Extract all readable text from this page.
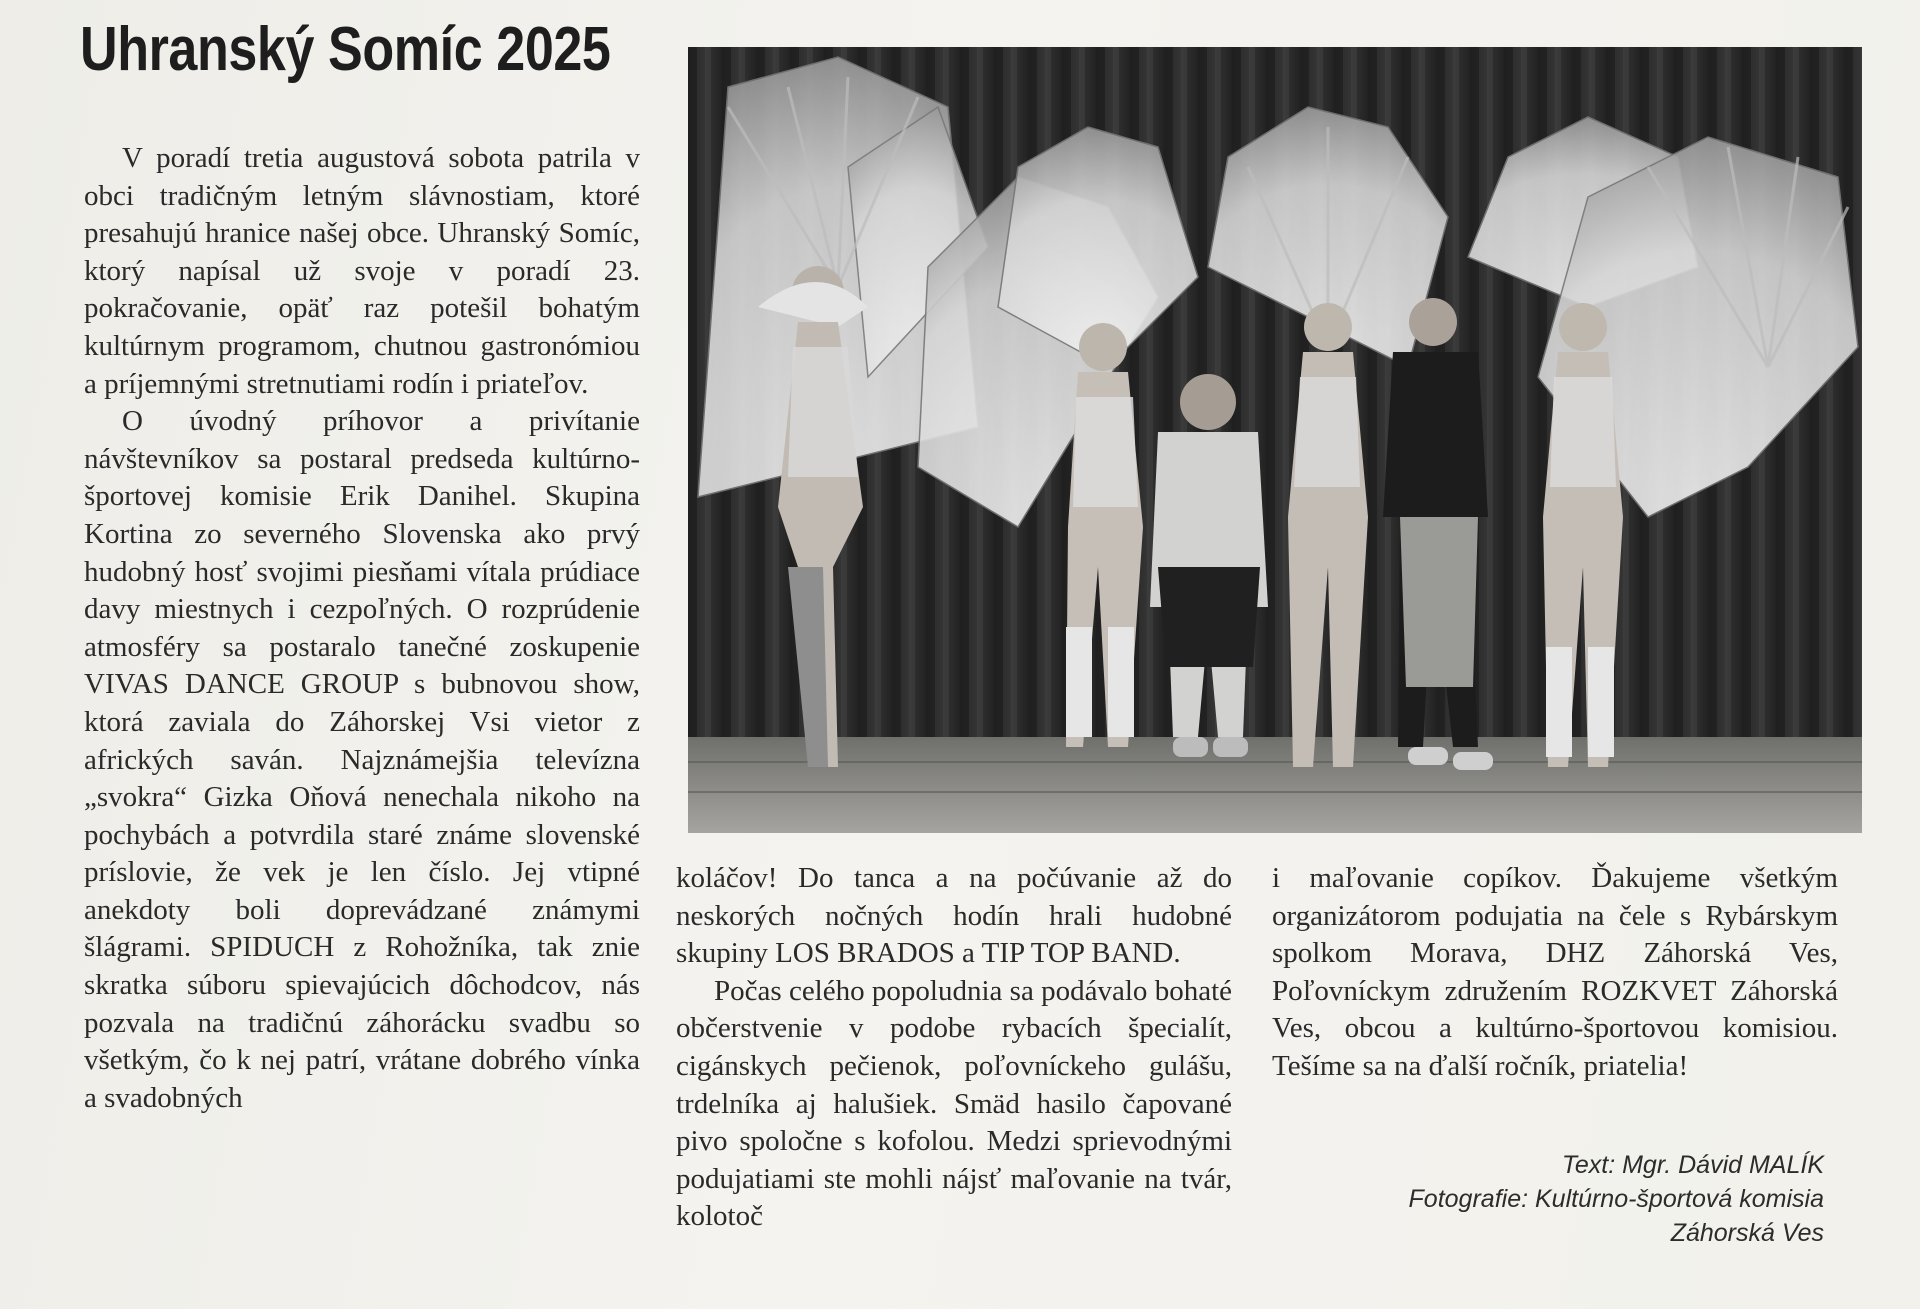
Uhranský Somíc 2025

V poradí tretia augustová sobota patrila v obci tradičným letným slávnostiam, ktoré presahujú hranice našej obce. Uhranský Somíc, ktorý napísal už svoje v poradí 23. pokračovanie, opäť raz potešil bohatým kultúrnym programom, chutnou gastronómiou a príjemnými stretnutiami rodín i priateľov.

O úvodný príhovor a privítanie návštevníkov sa postaral predseda kultúrno-športovej komisie Erik Danihel. Skupina Kortina zo severného Slovenska ako prvý hudobný hosť svojimi piesňami vítala prúdiace davy miestnych i cezpoľných. O rozprúdenie atmosféry sa postaralo tanečné zoskupenie VIVAS DANCE GROUP s bubnovou show, ktorá zaviala do Záhorskej Vsi vietor z afrických saván. Najznámejšia televízna „svokra“ Gizka Oňová nenechala nikoho na pochybách a potvrdila staré známe slovenské príslovie, že vek je len číslo. Jej vtipné anekdoty boli doprevádzané známymi šlágrami. SPIDUCH z Rohožníka, tak znie skratka súboru spievajúcich dôchodcov, nás pozvala na tradičnú záhorácku svadbu so všetkým, čo k nej patrí, vrátane dobrého vínka a svadobných

koláčov! Do tanca a na počúvanie až do neskorých nočných hodín hrali hudobné skupiny LOS BRADOS a TIP TOP BAND.

Počas celého popoludnia sa podávalo bohaté občerstvenie v podobe rybacích špecialít, cigánskych pečienok, poľovníckeho gulášu, trdelníka aj halušiek. Smäd hasilo čapované pivo spoločne s kofolou. Medzi sprievodnými podujatiami ste mohli nájsť maľovanie na tvár, kolotoč

i maľovanie copíkov. Ďakujeme všetkým organizátorom podujatia na čele s Rybárskym spolkom Morava, DHZ Záhorská Ves, Poľovníckym združením ROZKVET Záhorská Ves, obcou a kultúrno-športovou komisiou. Tešíme sa na ďalší ročník, priatelia!

Text: Mgr. Dávid MALÍK
Fotografie: Kultúrno-športová komisia
Záhorská Ves
